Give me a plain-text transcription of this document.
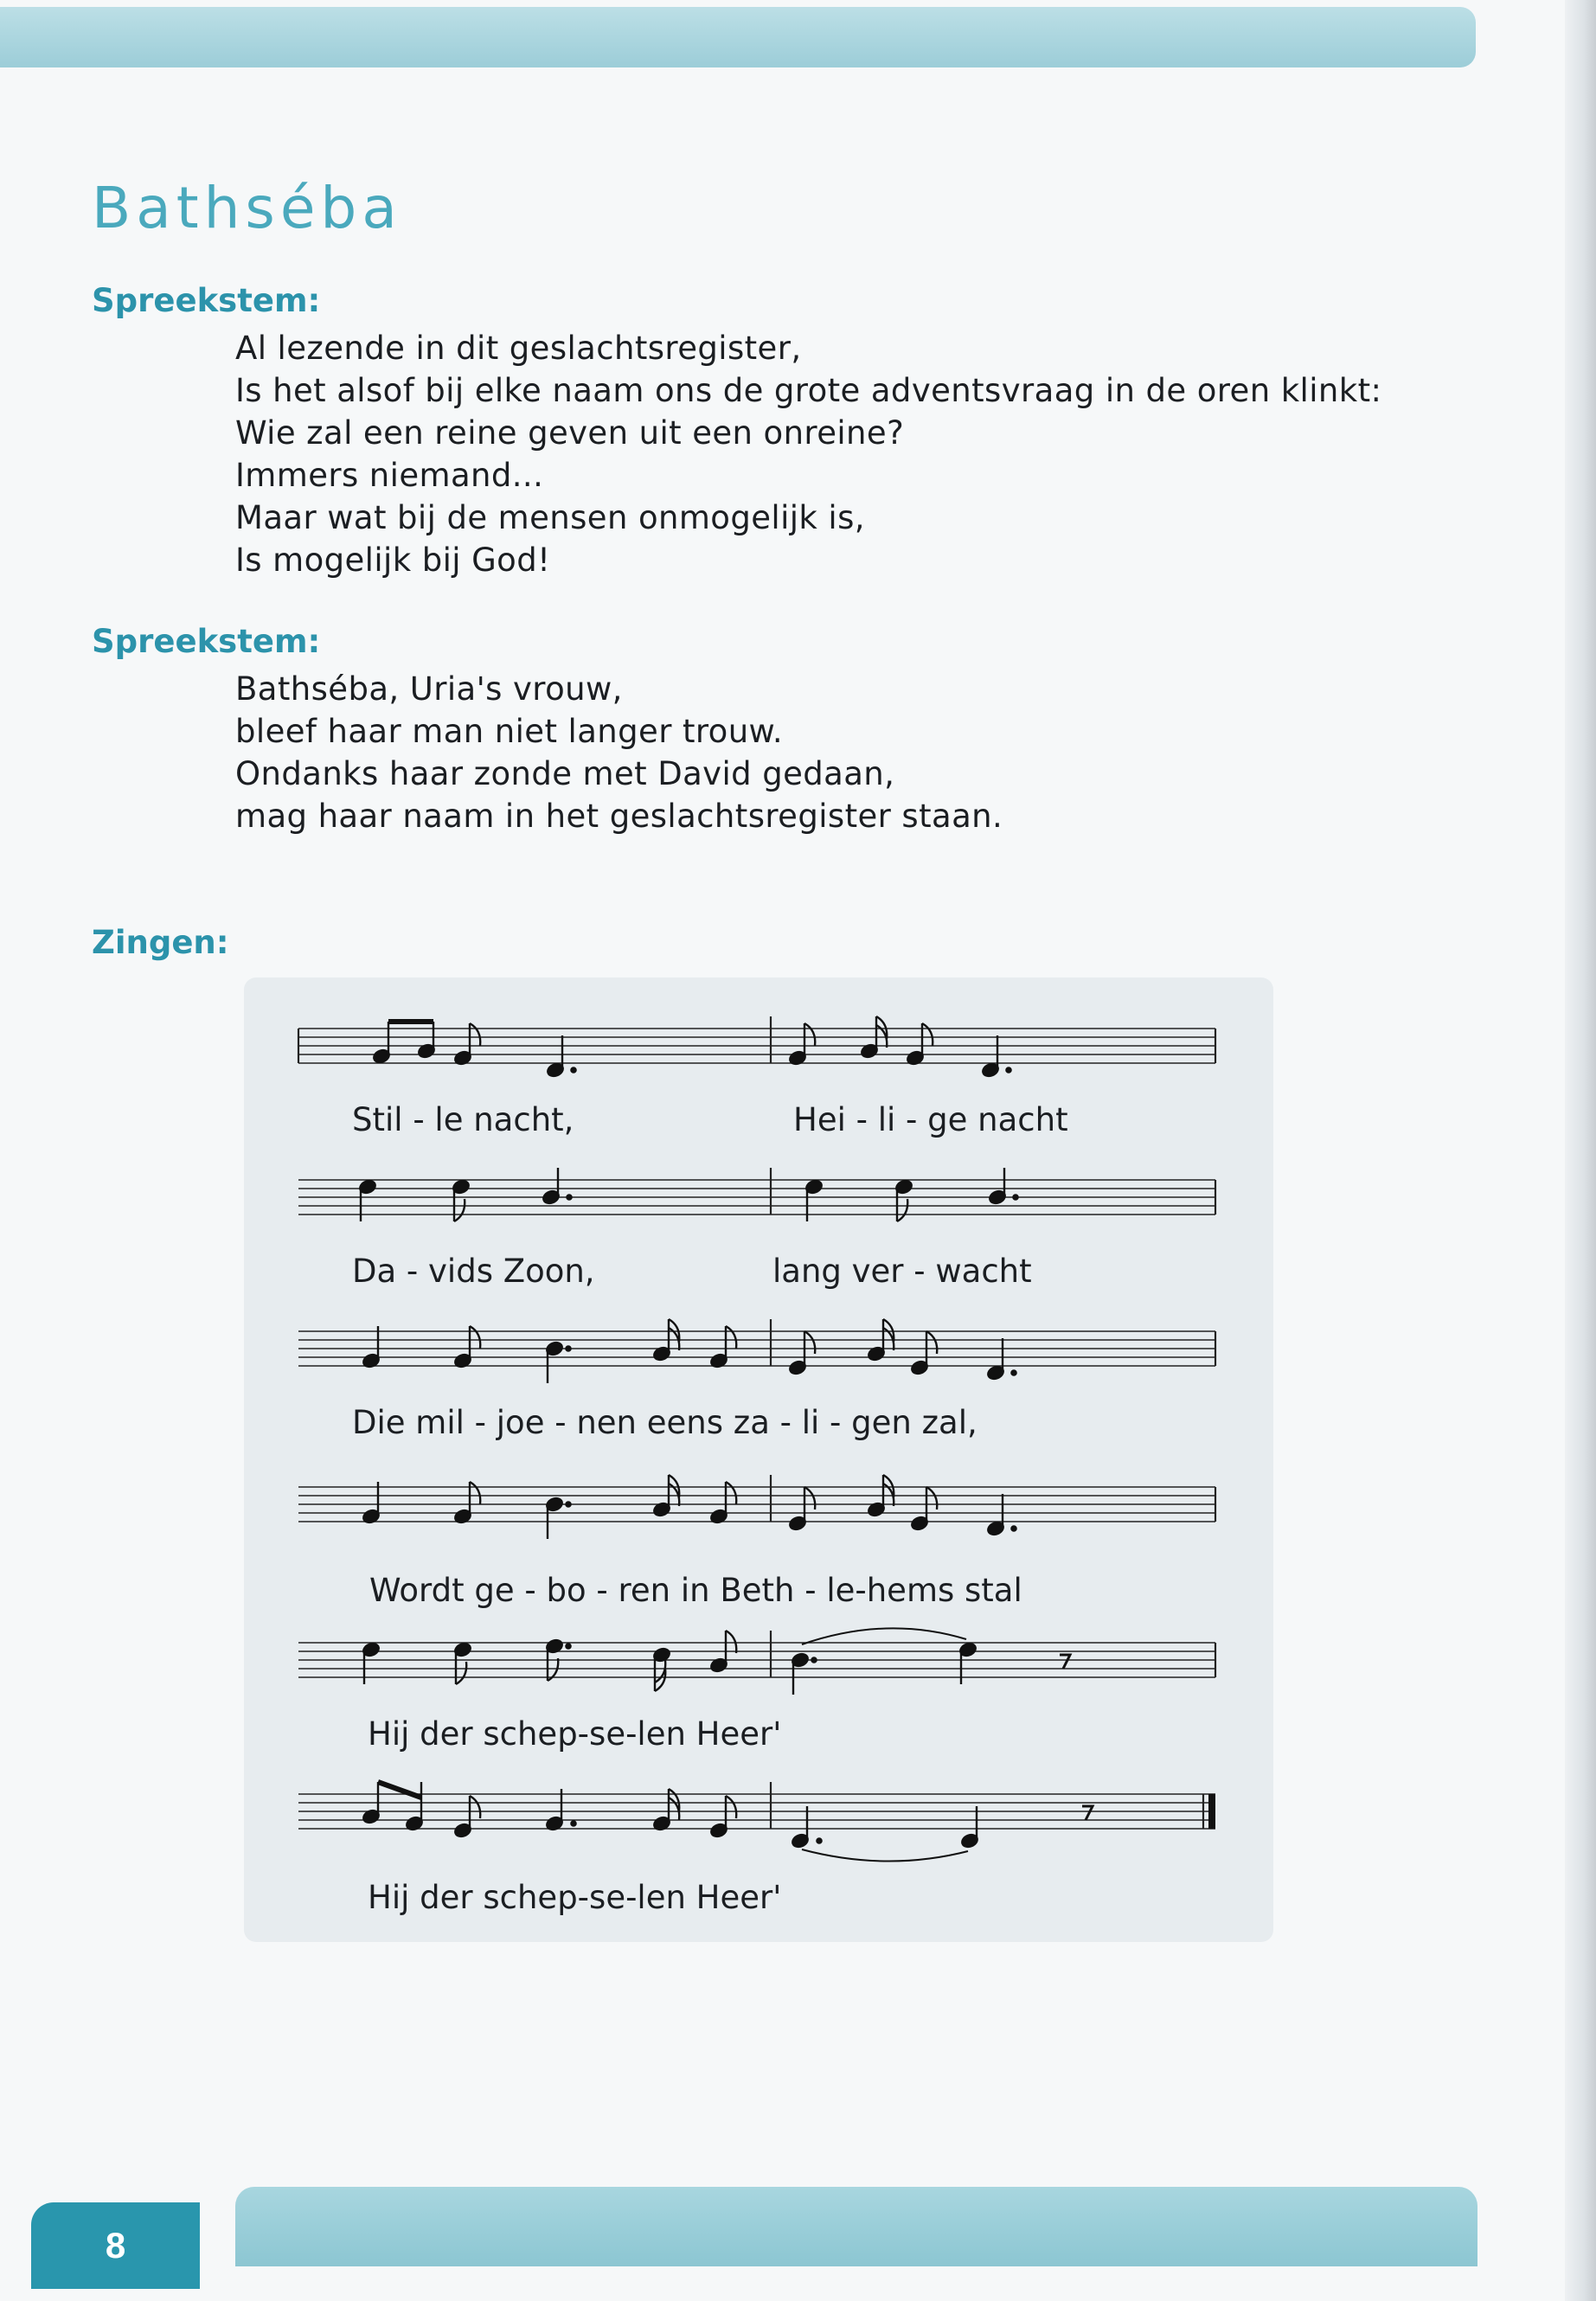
Bathséba
Spreekstem:
Al lezende in dit geslachtsregister,
Is het alsof bij elke naam ons de grote adventsvraag in de oren klinkt:
Wie zal een reine geven uit een onreine?
Immers niemand...
Maar wat bij de mensen onmogelijk is,
Is mogelijk bij God!
Spreekstem:
Bathséba, Uria's vrouw,
bleef haar man niet langer trouw.
Ondanks haar zonde met David gedaan,
mag haar naam in het geslachtsregister staan.
Zingen:
Stil - le nacht,	Hei - li - ge nacht
Da - vids Zoon,	lang ver - wacht
Die mil - joe - nen eens za - li - gen zal,
Wordt ge - bo - ren in Beth - le-hems stal
Hij der schep-se-len Heer'
Hij der schep-se-len Heer'
8
